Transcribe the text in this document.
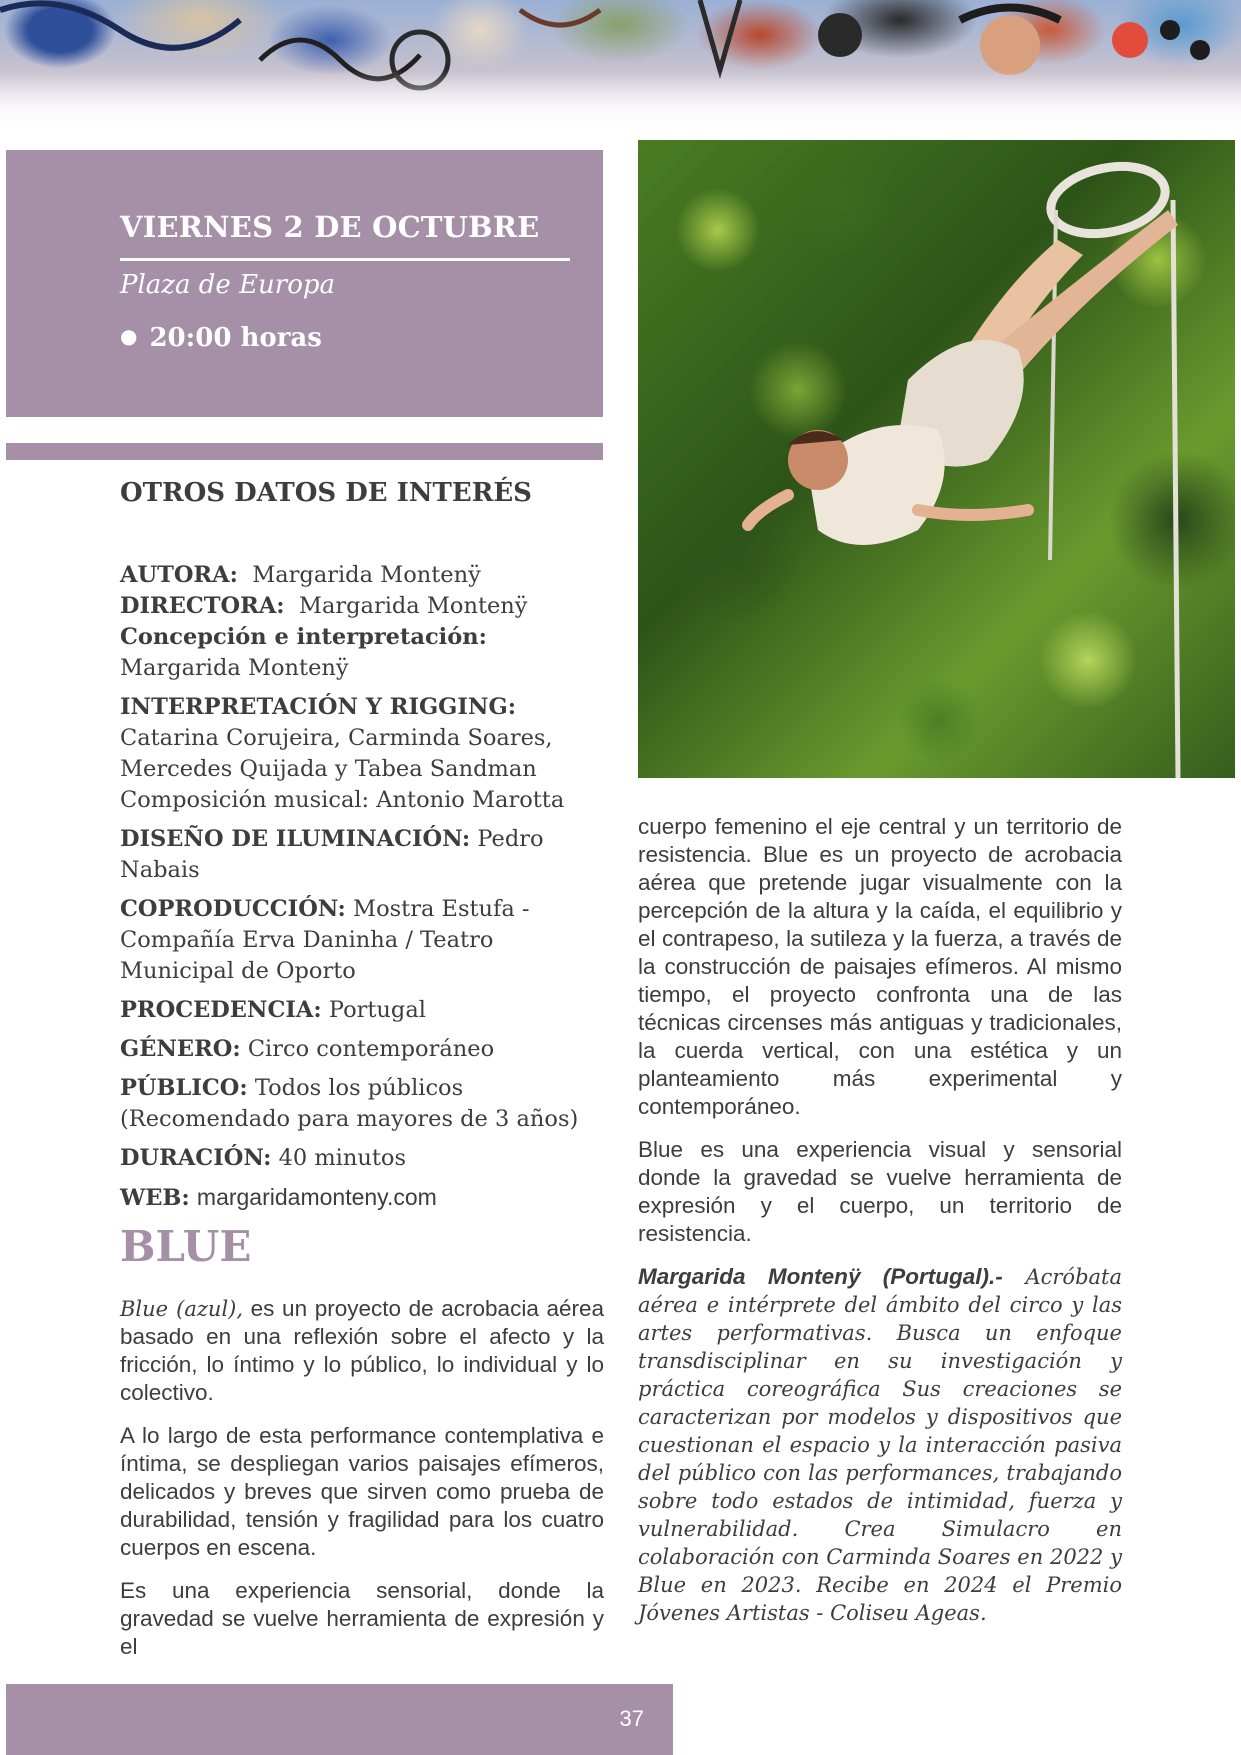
VIERNES 2 DE OCTUBRE
Plaza de Europa
● 20:00 horas
OTROS DATOS DE INTERÉS
AUTORA: Margarida Montenÿ
DIRECTORA: Margarida Montenÿ
Concepción e interpretación: Margarida Montenÿ
INTERPRETACIÓN Y RIGGING: Catarina Corujeira, Carminda Soares, Mercedes Quijada y Tabea Sandman Composición musical: Antonio Marotta
DISEÑO DE ILUMINACIÓN: Pedro Nabais
COPRODUCCIÓN: Mostra Estufa - Compañía Erva Daninha / Teatro Municipal de Oporto
PROCEDENCIA: Portugal
GÉNERO: Circo contemporáneo
PÚBLICO: Todos los públicos (Recomendado para mayores de 3 años)
DURACIÓN: 40 minutos
WEB: margaridamonteny.com
BLUE

Blue (azul), es un proyecto de acrobacia aérea basado en una reflexión sobre el afecto y la fricción, lo íntimo y lo público, lo individual y lo colectivo.

A lo largo de esta performance contemplativa e íntima, se despliegan varios paisajes efímeros, delicados y breves que sirven como prueba de durabilidad, tensión y fragilidad para los cuatro cuerpos en escena.

Es una experiencia sensorial, donde la gravedad se vuelve herramienta de expresión y el

cuerpo femenino el eje central y un territorio de resistencia. Blue es un proyecto de acrobacia aérea que pretende jugar visualmente con la percepción de la altura y la caída, el equilibrio y el contrapeso, la sutileza y la fuerza, a través de la construcción de paisajes efímeros. Al mismo tiempo, el proyecto confronta una de las técnicas circenses más antiguas y tradicionales, la cuerda vertical, con una estética y un planteamiento más experimental y contemporáneo.

Blue es una experiencia visual y sensorial donde la gravedad se vuelve herramienta de expresión y el cuerpo, un territorio de resistencia.

Margarida Montenÿ (Portugal).- Acróbata aérea e intérprete del ámbito del circo y las artes performativas. Busca un enfoque transdisciplinar en su investigación y práctica coreográfica Sus creaciones se caracterizan por modelos y dispositivos que cuestionan el espacio y la interacción pasiva del público con las performances, trabajando sobre todo estados de intimidad, fuerza y vulnerabilidad. Crea Simulacro en colaboración con Carminda Soares en 2022 y Blue en 2023. Recibe en 2024 el Premio Jóvenes Artistas - Coliseu Ageas.

37
